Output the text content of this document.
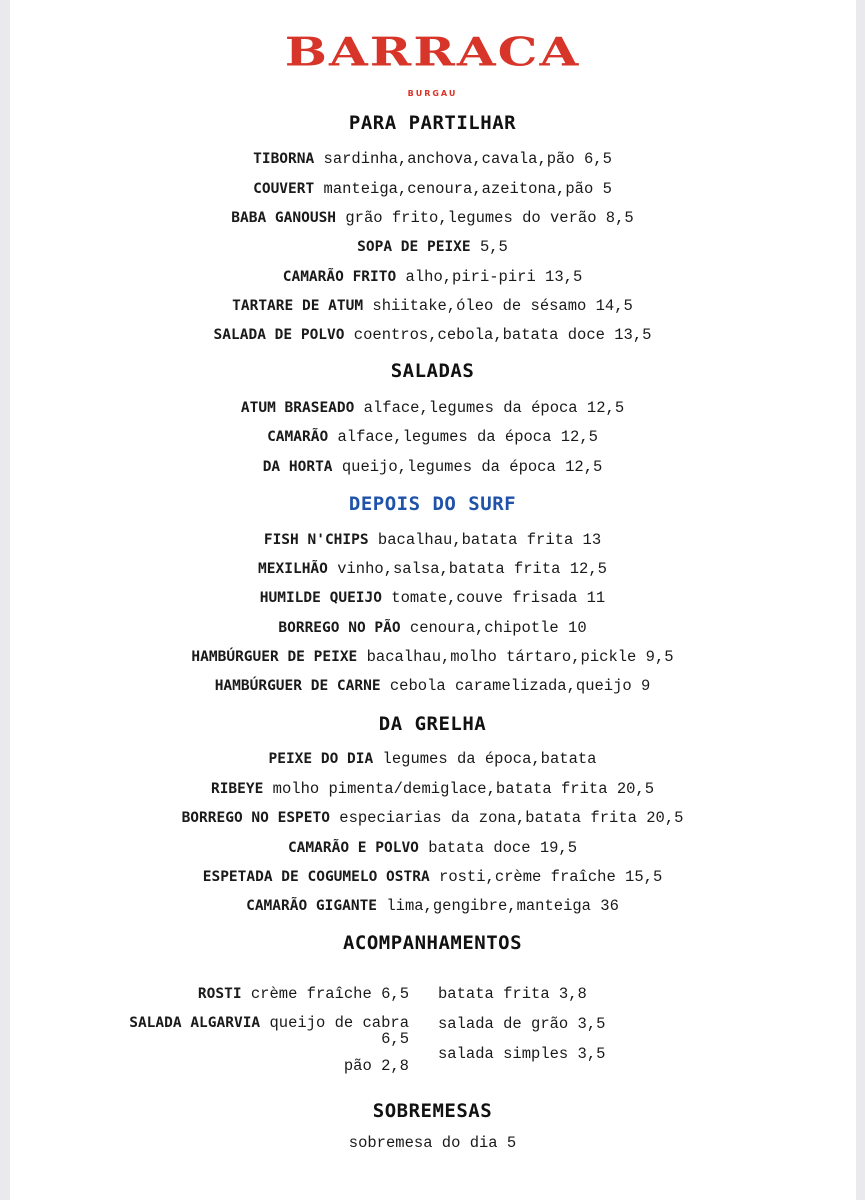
BARRACA
BURGAU
PARA PARTILHAR
TIBORNA sardinha,anchova,cavala,pão 6,5
COUVERT manteiga,cenoura,azeitona,pão 5
BABA GANOUSH grão frito,legumes do verão 8,5
SOPA DE PEIXE 5,5
CAMARÃO FRITO alho,piri-piri 13,5
TARTARE DE ATUM shiitake,óleo de sésamo 14,5
SALADA DE POLVO coentros,cebola,batata doce 13,5
SALADAS
ATUM BRASEADO alface,legumes da época 12,5
CAMARÃO alface,legumes da época 12,5
DA HORTA queijo,legumes da época 12,5
DEPOIS DO SURF
FISH N'CHIPS bacalhau,batata frita 13
MEXILHÃO vinho,salsa,batata frita 12,5
HUMILDE QUEIJO tomate,couve frisada 11
BORREGO NO PÃO cenoura,chipotle 10
HAMBÚRGUER DE PEIXE bacalhau,molho tártaro,pickle 9,5
HAMBÚRGUER DE CARNE cebola caramelizada,queijo 9
DA GRELHA
PEIXE DO DIA legumes da época,batata
RIBEYE molho pimenta/demiglace,batata frita 20,5
BORREGO NO ESPETO especiarias da zona,batata frita 20,5
CAMARÃO E POLVO batata doce 19,5
ESPETADA DE COGUMELO OSTRA rosti,crème fraîche 15,5
CAMARÃO GIGANTE lima,gengibre,manteiga 36
ACOMPANHAMENTOS
ROSTI crème fraîche 6,5
SALADA ALGARVIA queijo de cabra
6,5
pão 2,8
batata frita 3,8
salada de grão 3,5
salada simples 3,5
SOBREMESAS
sobremesa do dia 5
